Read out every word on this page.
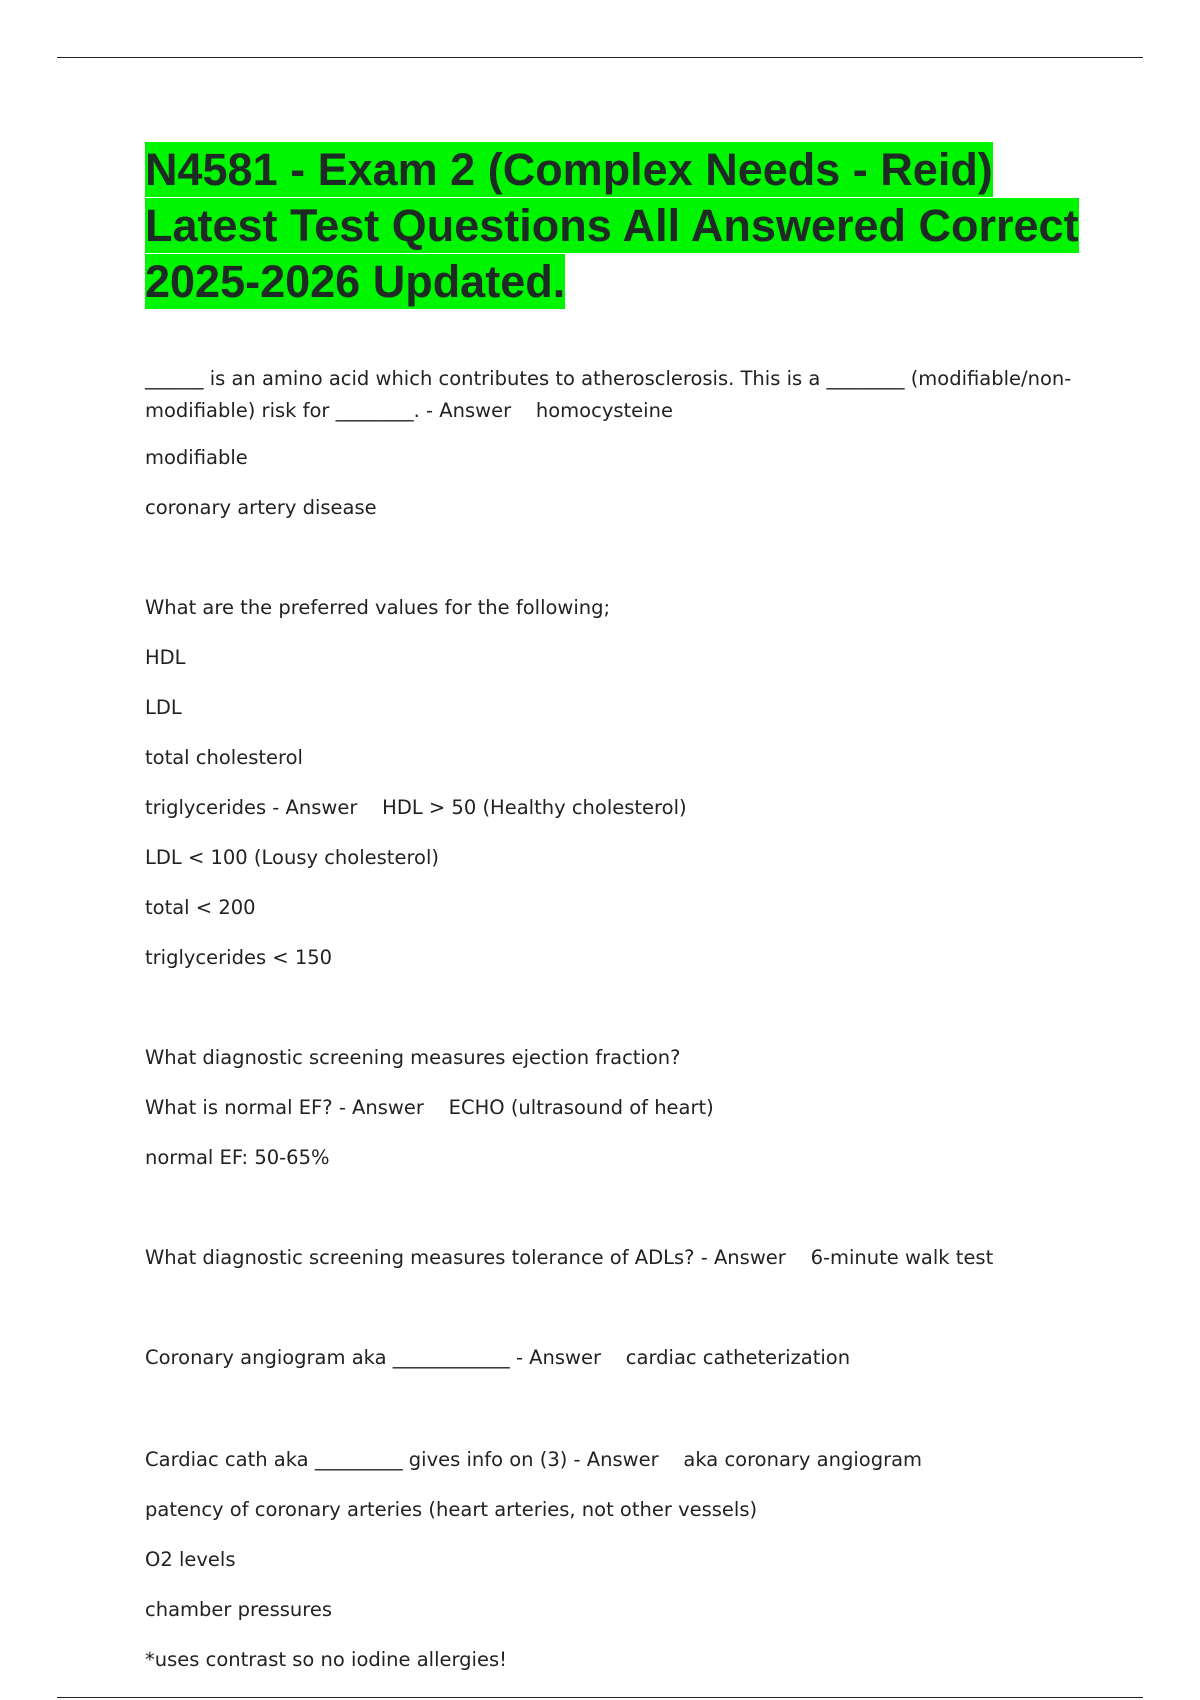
N4581 - Exam 2 (Complex Needs - Reid) Latest Test Questions All Answered Correct 2025-2026 Updated.

______ is an amino acid which contributes to atherosclerosis. This is a ________ (modifiable/non-modifiable) risk for ________. - Answer    homocysteine

modifiable

coronary artery disease

What are the preferred values for the following;

HDL

LDL

total cholesterol

triglycerides - Answer    HDL > 50 (Healthy cholesterol)

LDL < 100 (Lousy cholesterol)

total < 200

triglycerides < 150

What diagnostic screening measures ejection fraction?

What is normal EF? - Answer    ECHO (ultrasound of heart)

normal EF: 50-65%

What diagnostic screening measures tolerance of ADLs? - Answer    6-minute walk test

Coronary angiogram aka ____________ - Answer    cardiac catheterization

Cardiac cath aka _________ gives info on (3) - Answer    aka coronary angiogram

patency of coronary arteries (heart arteries, not other vessels)

O2 levels

chamber pressures

*uses contrast so no iodine allergies!
